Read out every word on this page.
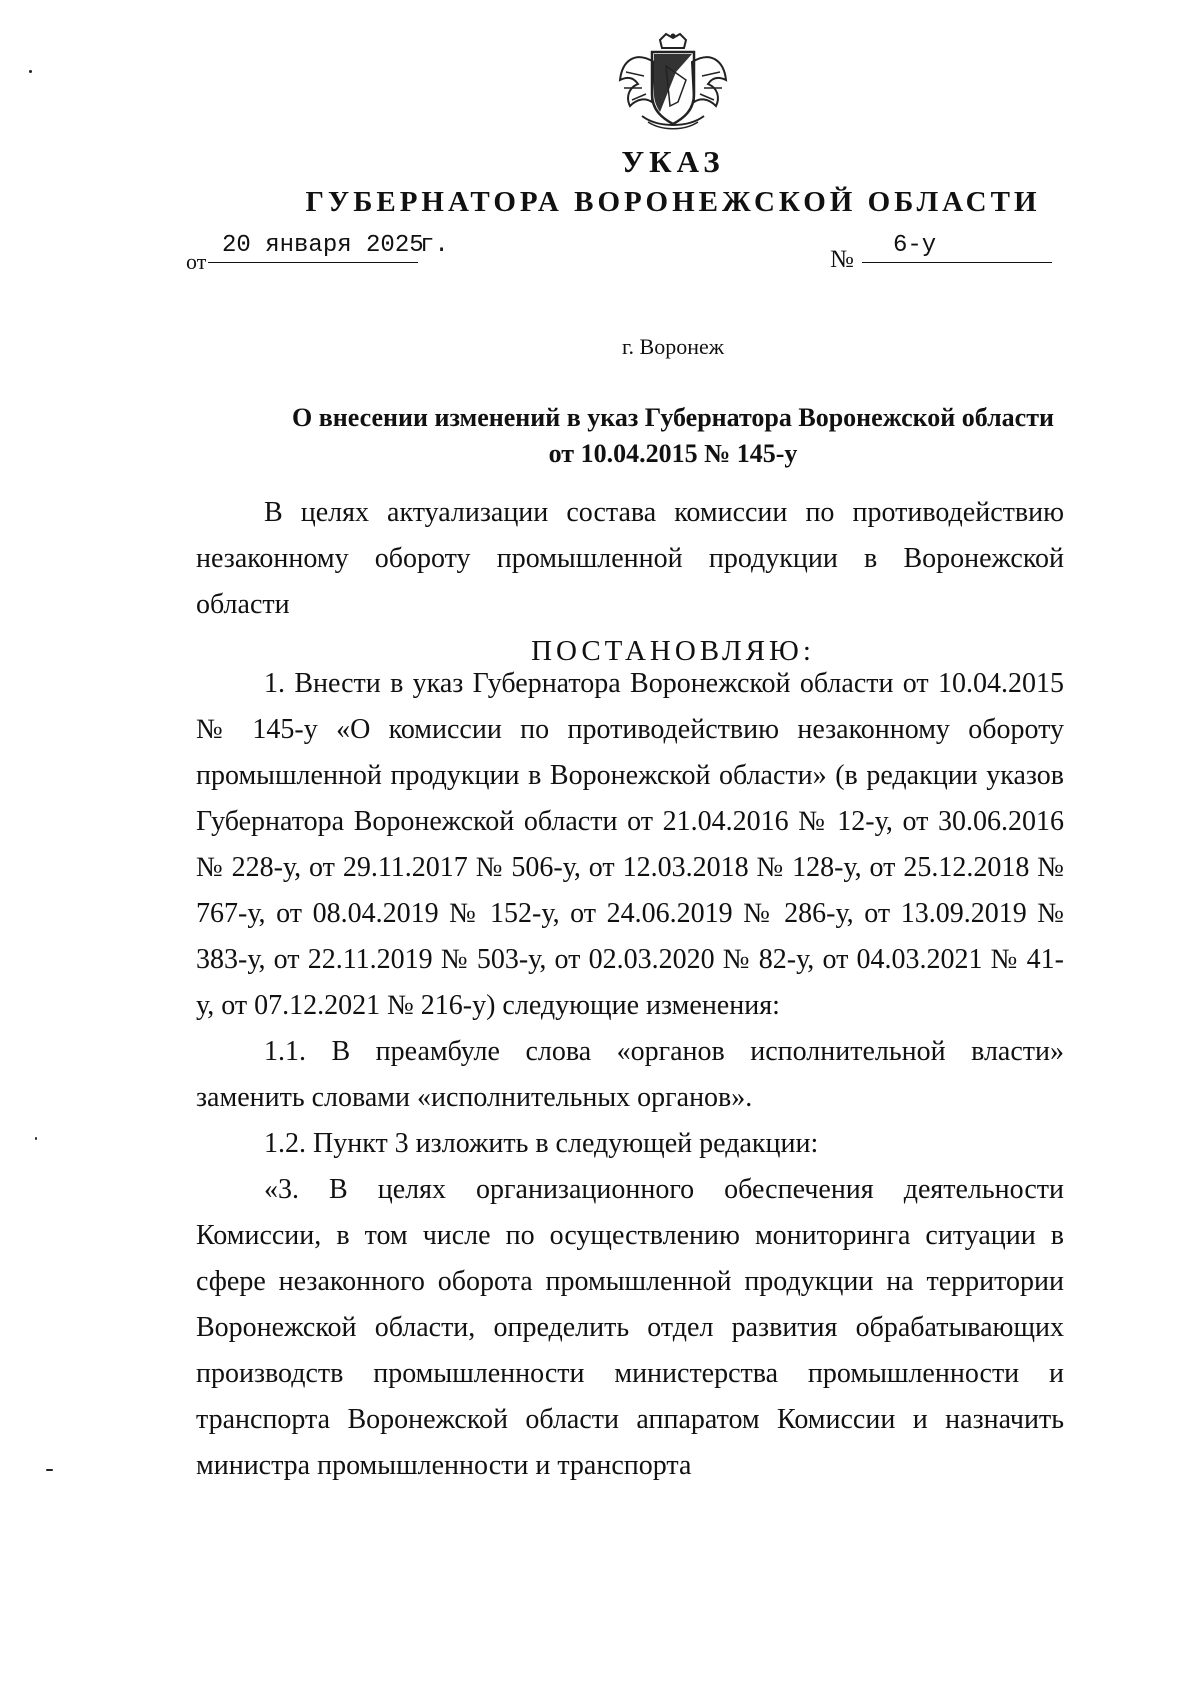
УКАЗ
ГУБЕРНАТОРА ВОРОНЕЖСКОЙ ОБЛАСТИ
от
20 января 2025
г.
№
6-у
г. Воронеж
О внесении изменений в указ Губернатора Воронежской области
от 10.04.2015 № 145-у

В целях актуализации состава комиссии по противодействию незаконному обороту промышленной продукции в Воронежской области

ПОСТАНОВЛЯЮ:

1. Внести в указ Губернатора Воронежской области от 10.04.2015 № 145-у «О комиссии по противодействию незаконному обороту промышленной продукции в Воронежской области» (в редакции указов Губернатора Воронежской области от 21.04.2016 № 12-у, от 30.06.2016 № 228-у, от 29.11.2017 № 506-у, от 12.03.2018 № 128-у, от 25.12.2018 № 767-у, от 08.04.2019 № 152-у, от 24.06.2019 № 286-у, от 13.09.2019 № 383-у, от 22.11.2019 № 503-у, от 02.03.2020 № 82-у, от 04.03.2021 № 41-у, от 07.12.2021 № 216-у) следующие изменения:

1.1. В преамбуле слова «органов исполнительной власти» заменить словами «исполнительных органов».

1.2. Пункт 3 изложить в следующей редакции:

«3. В целях организационного обеспечения деятельности Комиссии, в том числе по осуществлению мониторинга ситуации в сфере незаконного оборота промышленной продукции на территории Воронежской области, определить отдел развития обрабатывающих производств промышленности министерства промышленности и транспорта Воронежской области аппаратом Комиссии и назначить министра промышленности и транспорта
